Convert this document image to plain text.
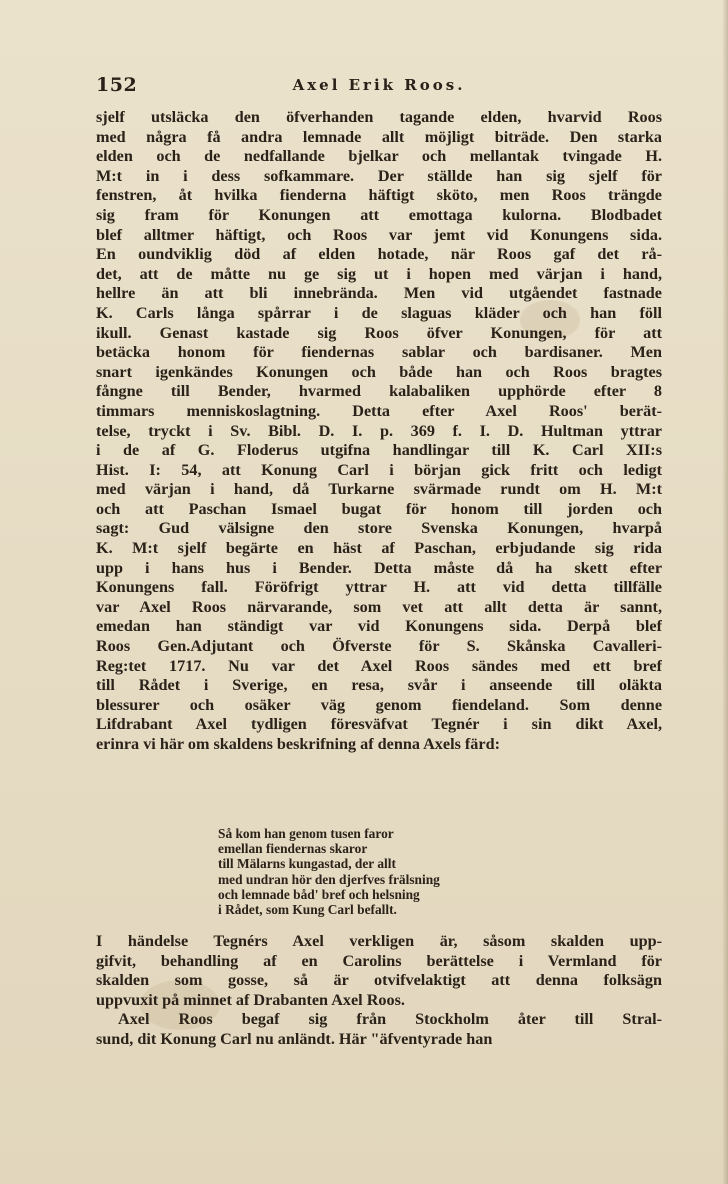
152	Axel Erik Roos.
sjelf utsläcka den öfverhanden tagande elden, hvarvid Roos
med några få andra lemnade allt möjligt biträde. Den starka
elden och de nedfallande bjelkar och mellantak tvingade H.
M:t in i dess sofkammare. Der ställde han sig sjelf för
fenstren, åt hvilka fienderna häftigt sköto, men Roos trängde
sig fram för Konungen att emottaga kulorna. Blodbadet
blef alltmer häftigt, och Roos var jemt vid Konungens sida.
En oundviklig död af elden hotade, när Roos gaf det rå-
det, att de måtte nu ge sig ut i hopen med värjan i hand,
hellre än att bli innebrända. Men vid utgåendet fastnade
K. Carls långa spårrar i de slaguas kläder och han föll
ikull. Genast kastade sig Roos öfver Konungen, för att
betäcka honom för fiendernas sablar och bardisaner. Men
snart igenkändes Konungen och både han och Roos bragtes
fångne till Bender, hvarmed kalabaliken upphörde efter 8
timmars menniskoslagtning. Detta efter Axel Roos' berät-
telse, tryckt i Sv. Bibl. D. I. p. 369 f. I. D. Hultman yttrar
i de af G. Floderus utgifna handlingar till K. Carl XII:s
Hist. I: 54, att Konung Carl i början gick fritt och ledigt
med värjan i hand, då Turkarne svärmade rundt om H. M:t
och att Paschan Ismael bugat för honom till jorden och
sagt: Gud välsigne den store Svenska Konungen, hvarpå
K. M:t sjelf begärte en häst af Paschan, erbjudande sig rida
upp i hans hus i Bender. Detta måste då ha skett efter
Konungens fall. Föröfrigt yttrar H. att vid detta tillfälle
var Axel Roos närvarande, som vet att allt detta är sannt,
emedan han ständigt var vid Konungens sida. Derpå blef
Roos Gen.Adjutant och Öfverste för S. Skånska Cavalleri-
Reg:tet 1717. Nu var det Axel Roos sändes med ett bref
till Rådet i Sverige, en resa, svår i anseende till oläkta
blessurer och osäker väg genom fiendeland. Som denne
Lifdrabant Axel tydligen föresväfvat Tegnér i sin dikt Axel,
erinra vi här om skaldens beskrifning af denna Axels färd:
Så kom han genom tusen faror
emellan fiendernas skaror
till Mälarns kungastad, der allt
med undran hör den djerfves frälsning
och lemnade båd' bref och helsning
i Rådet, som Kung Carl befallt.
I händelse Tegnérs Axel verkligen är, såsom skalden upp-
gifvit, behandling af en Carolins berättelse i Vermland för
skalden som gosse, så är otvifvelaktigt att denna folksägn
uppvuxit på minnet af Drabanten Axel Roos.
Axel Roos begaf sig från Stockholm åter till Stral-
sund, dit Konung Carl nu anländt. Här "äfventyrade han
